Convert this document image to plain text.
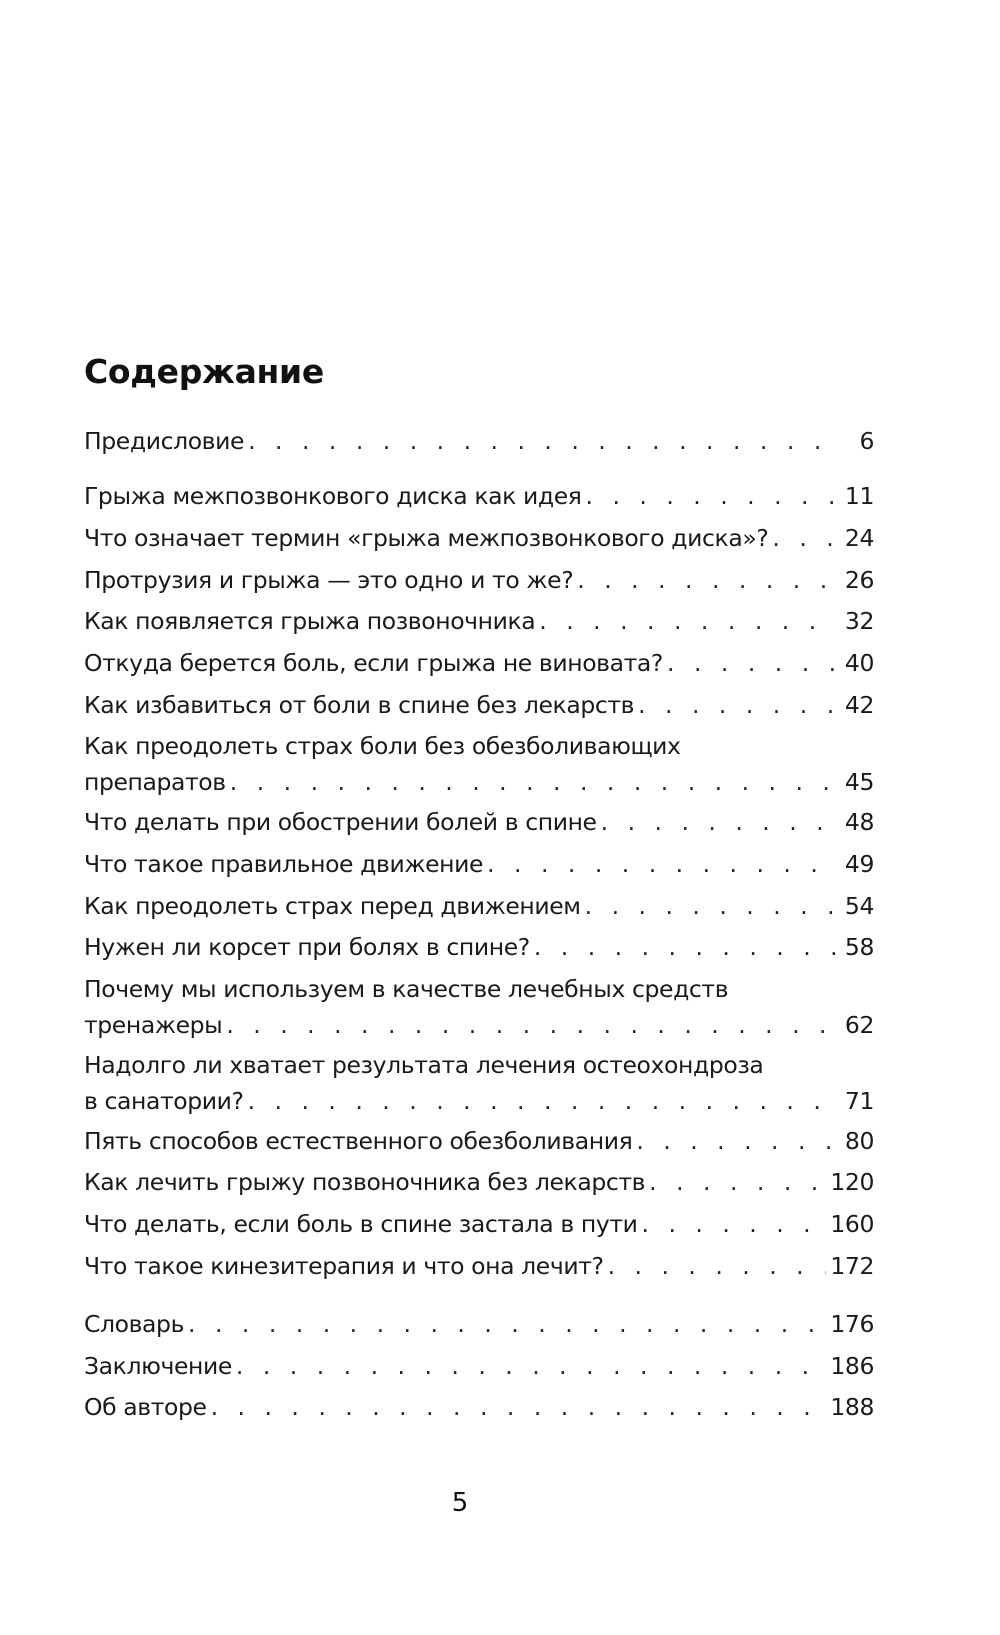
Содержание
Предисловие . . .	6
Грыжа межпозвонкового диска как идея . . .	11
Что означает термин «грыжа межпозвонкового диска»? . . .	24
Протрузия и грыжа — это одно и то же? . . .	26
Как появляется грыжа позвоночника . . .	32
Откуда берется боль, если грыжа не виновата? . . .	40
Как избавиться от боли в спине без лекарств . . .	42
Как преодолеть страх боли без обезболивающих
препаратов . . .	45
Что делать при обострении болей в спине . . .	48
Что такое правильное движение . . .	49
Как преодолеть страх перед движением . . .	54
Нужен ли корсет при болях в спине? . . .	58
Почему мы используем в качестве лечебных средств
тренажеры . . .	62
Надолго ли хватает результата лечения остеохондроза
в санатории? . . .	71
Пять способов естественного обезболивания . . .	80
Как лечить грыжу позвоночника без лекарств . . .	120
Что делать, если боль в спине застала в пути . . .	160
Что такое кинезитерапия и что она лечит? . . .	172
Словарь . . .	176
Заключение . . .	186
Об авторе . . .	188
5
